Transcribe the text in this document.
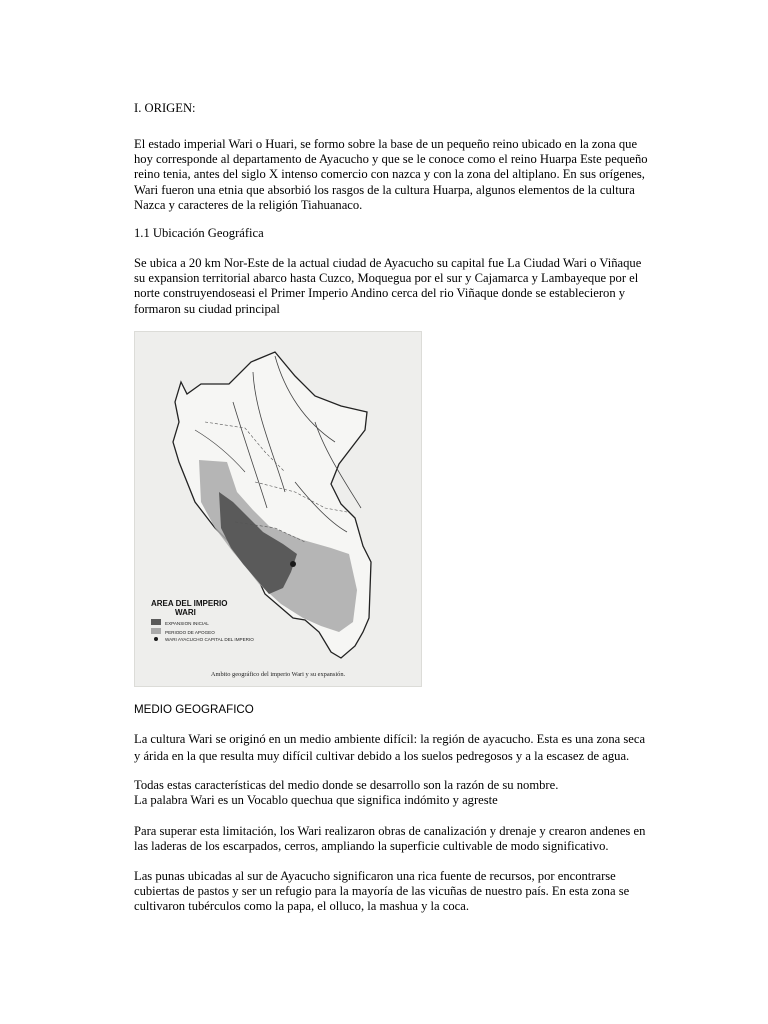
I. ORIGEN:

El estado imperial Wari o Huari, se formo sobre la base de un pequeño reino ubicado en la zona que hoy corresponde al departamento de Ayacucho y que se le conoce como el reino Huarpa Este pequeño reino tenia, antes del siglo X intenso comercio con nazca y con la zona del altiplano. En sus orígenes, Wari fueron una etnia que absorbió los rasgos de la cultura Huarpa, algunos elementos de la cultura Nazca y caracteres de la religión Tiahuanaco.

1.1 Ubicación Geográfica

Se ubica a 20 km Nor-Este de la actual ciudad de Ayacucho su capital fue La Ciudad Wari o Viñaque su expansion territorial abarco hasta Cuzco, Moquegua por el sur y Cajamarca y Lambayeque por el norte construyendoseasi el Primer Imperio Andino cerca del rio Viñaque donde se establecieron y formaron su ciudad principal

AREA DEL IMPERIO
WARI
EXPANSION INICIAL
PERIODO DE APOGEO
WARI AYACUCHO CAPITAL DEL IMPERIO
Ambito geográfico del imperio Wari y su expansión.

MEDIO GEOGRAFICO

La cultura Wari se originó en un medio ambiente difícil: la región de ayacucho. Esta es una zona seca y árida en la que resulta muy difícil cultivar debido a los suelos pedregosos y a la escasez de agua.

Todas estas características del medio donde se desarrollo son la razón de su nombre.

La palabra Wari es un Vocablo quechua que significa indómito y agreste

Para superar esta limitación, los Wari realizaron obras de canalización y drenaje y crearon andenes en las laderas de los escarpados, cerros, ampliando la superficie cultivable de modo significativo.

Las punas ubicadas al sur de Ayacucho significaron una rica fuente de recursos, por encontrarse cubiertas de pastos y ser un refugio para la mayoría de las vicuñas de nuestro país. En esta zona se cultivaron tubérculos como la papa, el olluco, la mashua y la coca.
